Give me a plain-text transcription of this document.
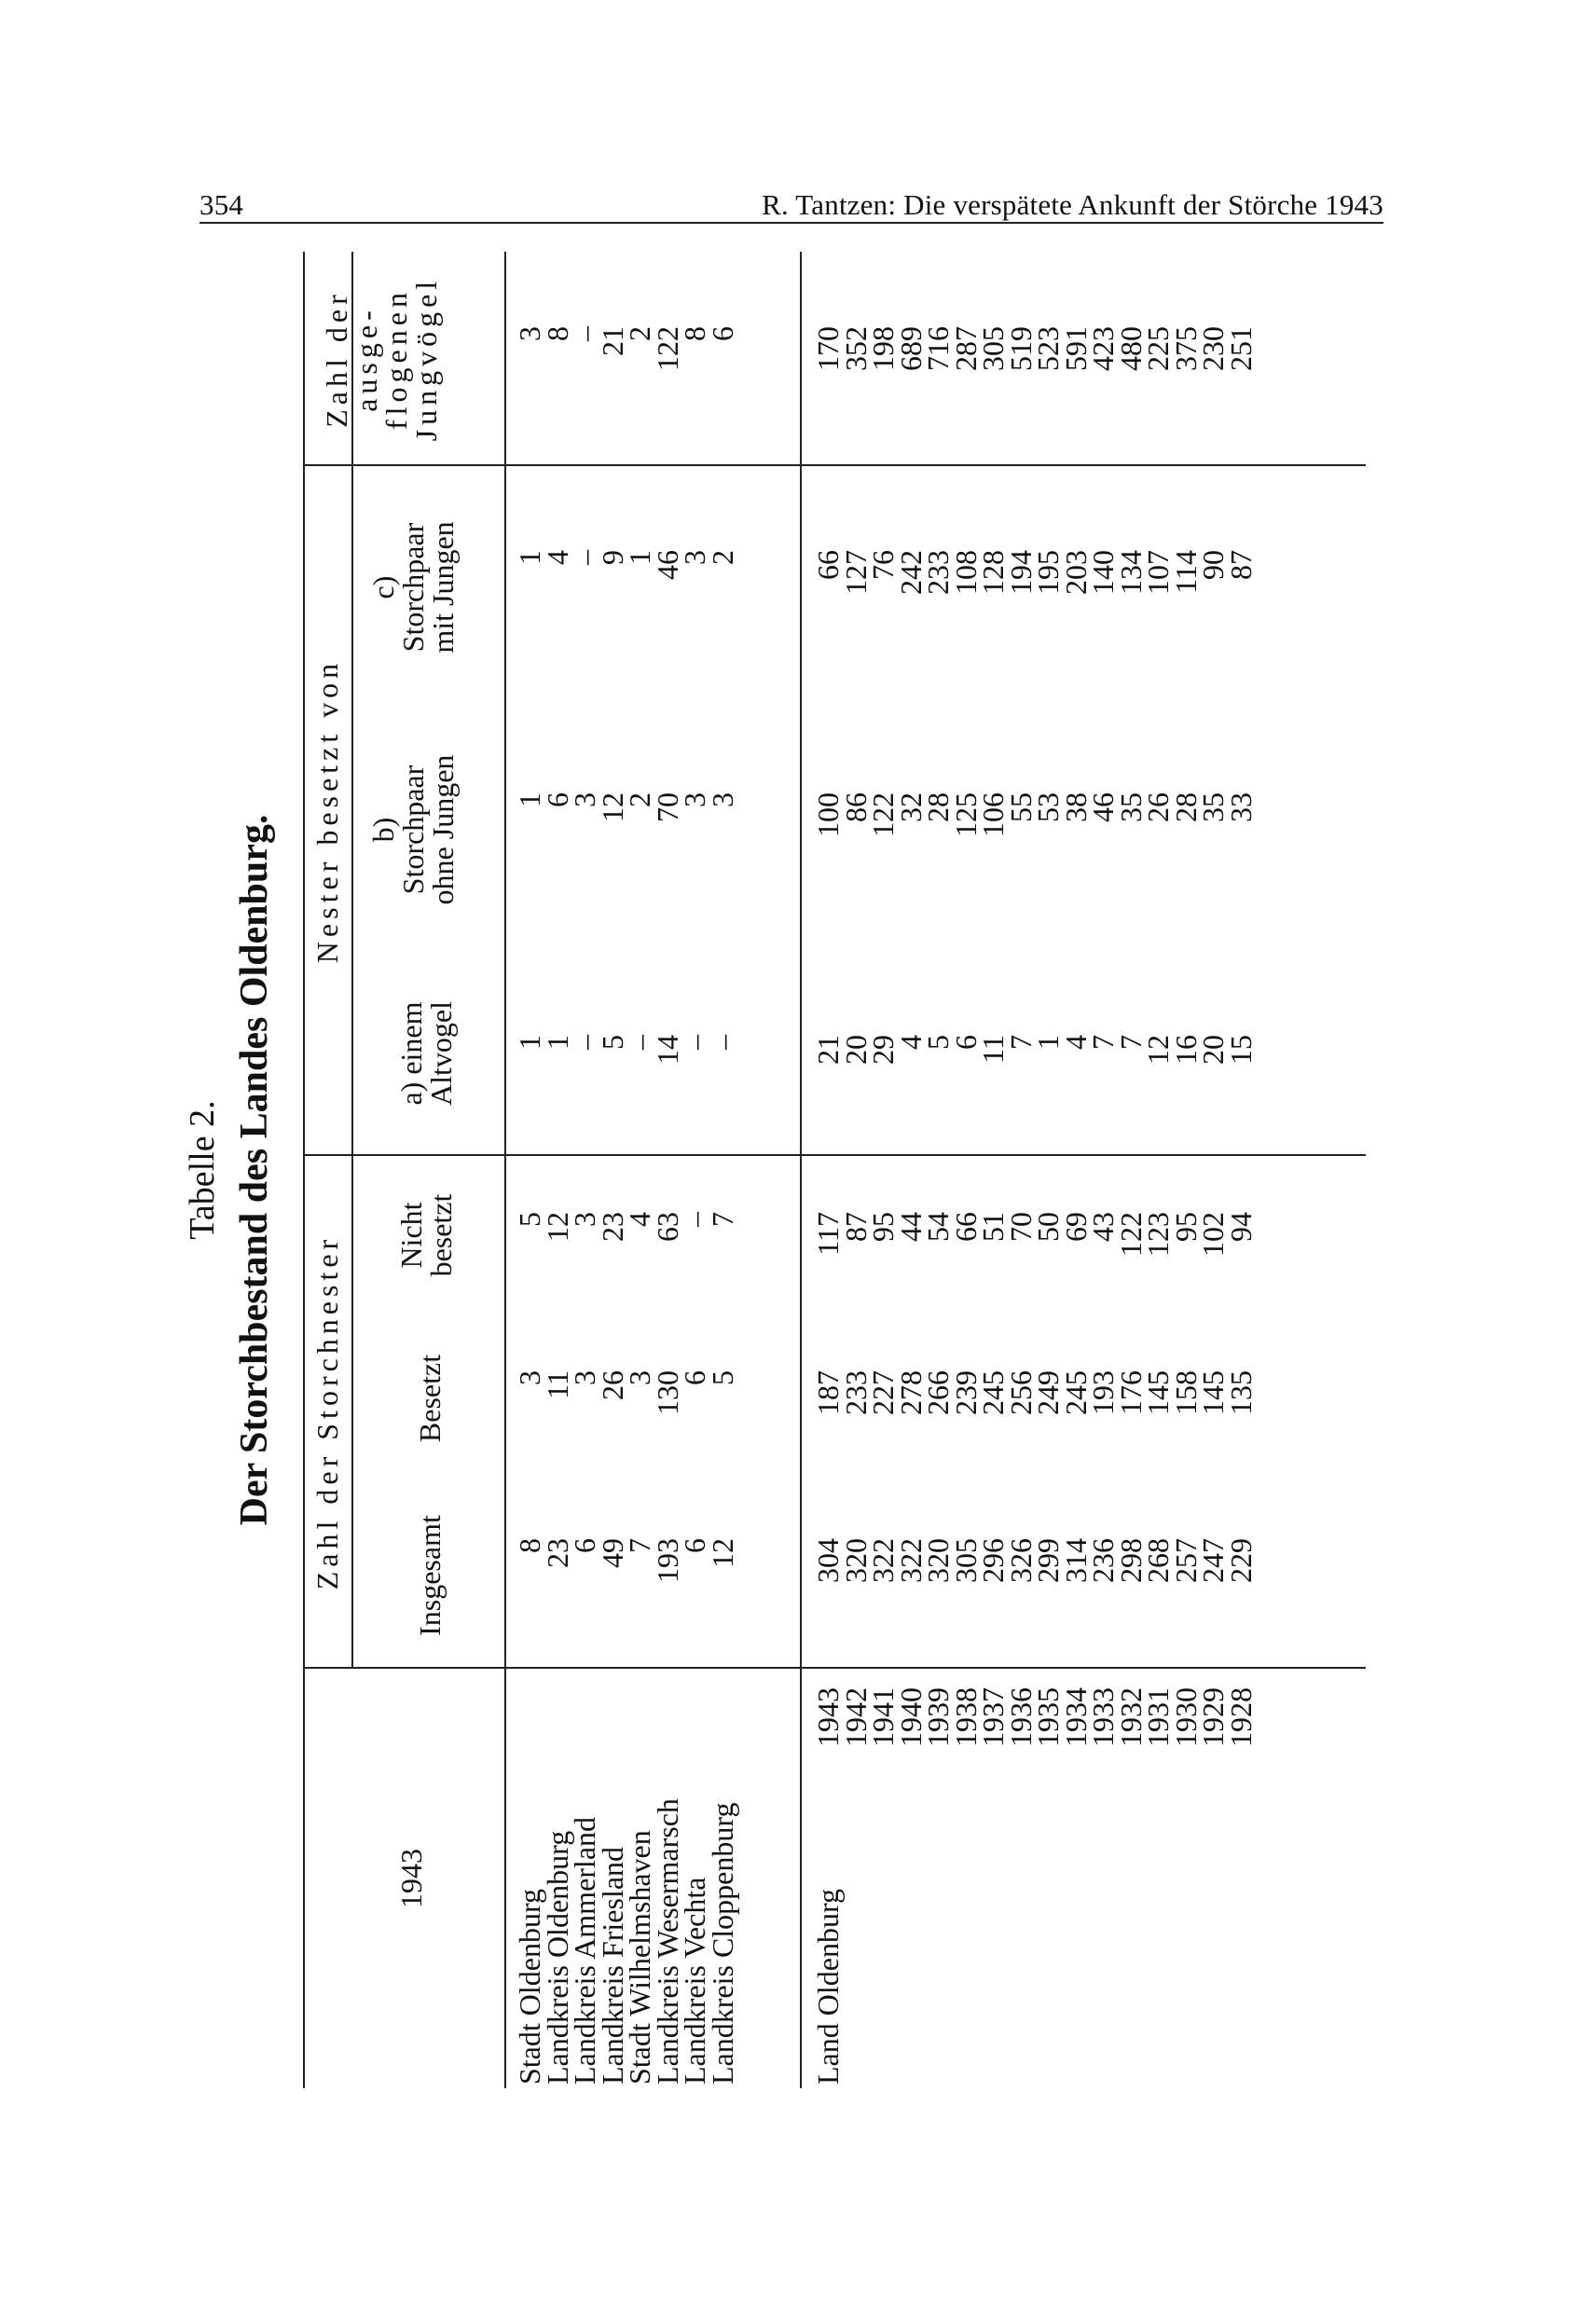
354	R. Tantzen: Die verspätete Ankunft der Störche 1943
Tabelle 2. Der Storchbestand des Landes Oldenburg.
1943
Zahl der Storchnester
Nester besetzt von
Insgesamt
Besetzt
Nicht
besetzt
a) einem
Altvogel
b)
Storchpaar
ohne Jungen
c)
Storchpaar
mit Jungen
Zahl der
ausge-
flogenen
Jungvögel
Stadt Oldenburg
8
3
5
1
1
1
3
Landkreis Oldenburg
23
11
12
1
6
4
8
Landkreis Ammerland
6
3
3
–
3
–
–
Landkreis Friesland
49
26
23
5
12
9
21
Stadt Wilhelmshaven
7
3
4
–
2
1
2
Landkreis Wesermarsch
193
130
63
14
70
46
122
Landkreis Vechta
6
6
–
–
3
3
8
Landkreis Cloppenburg
12
5
7
–
3
2
6
Land Oldenburg
1943
304
187
117
21
100
66
170
1942
320
233
87
20
86
127
352
1941
322
227
95
29
122
76
198
1940
322
278
44
4
32
242
689
1939
320
266
54
5
28
233
716
1938
305
239
66
6
125
108
287
1937
296
245
51
11
106
128
305
1936
326
256
70
7
55
194
519
1935
299
249
50
1
53
195
523
1934
314
245
69
4
38
203
591
1933
236
193
43
7
46
140
423
1932
298
176
122
7
35
134
480
1931
268
145
123
12
26
107
225
1930
257
158
95
16
28
114
375
1929
247
145
102
20
35
90
230
1928
229
135
94
15
33
87
251
